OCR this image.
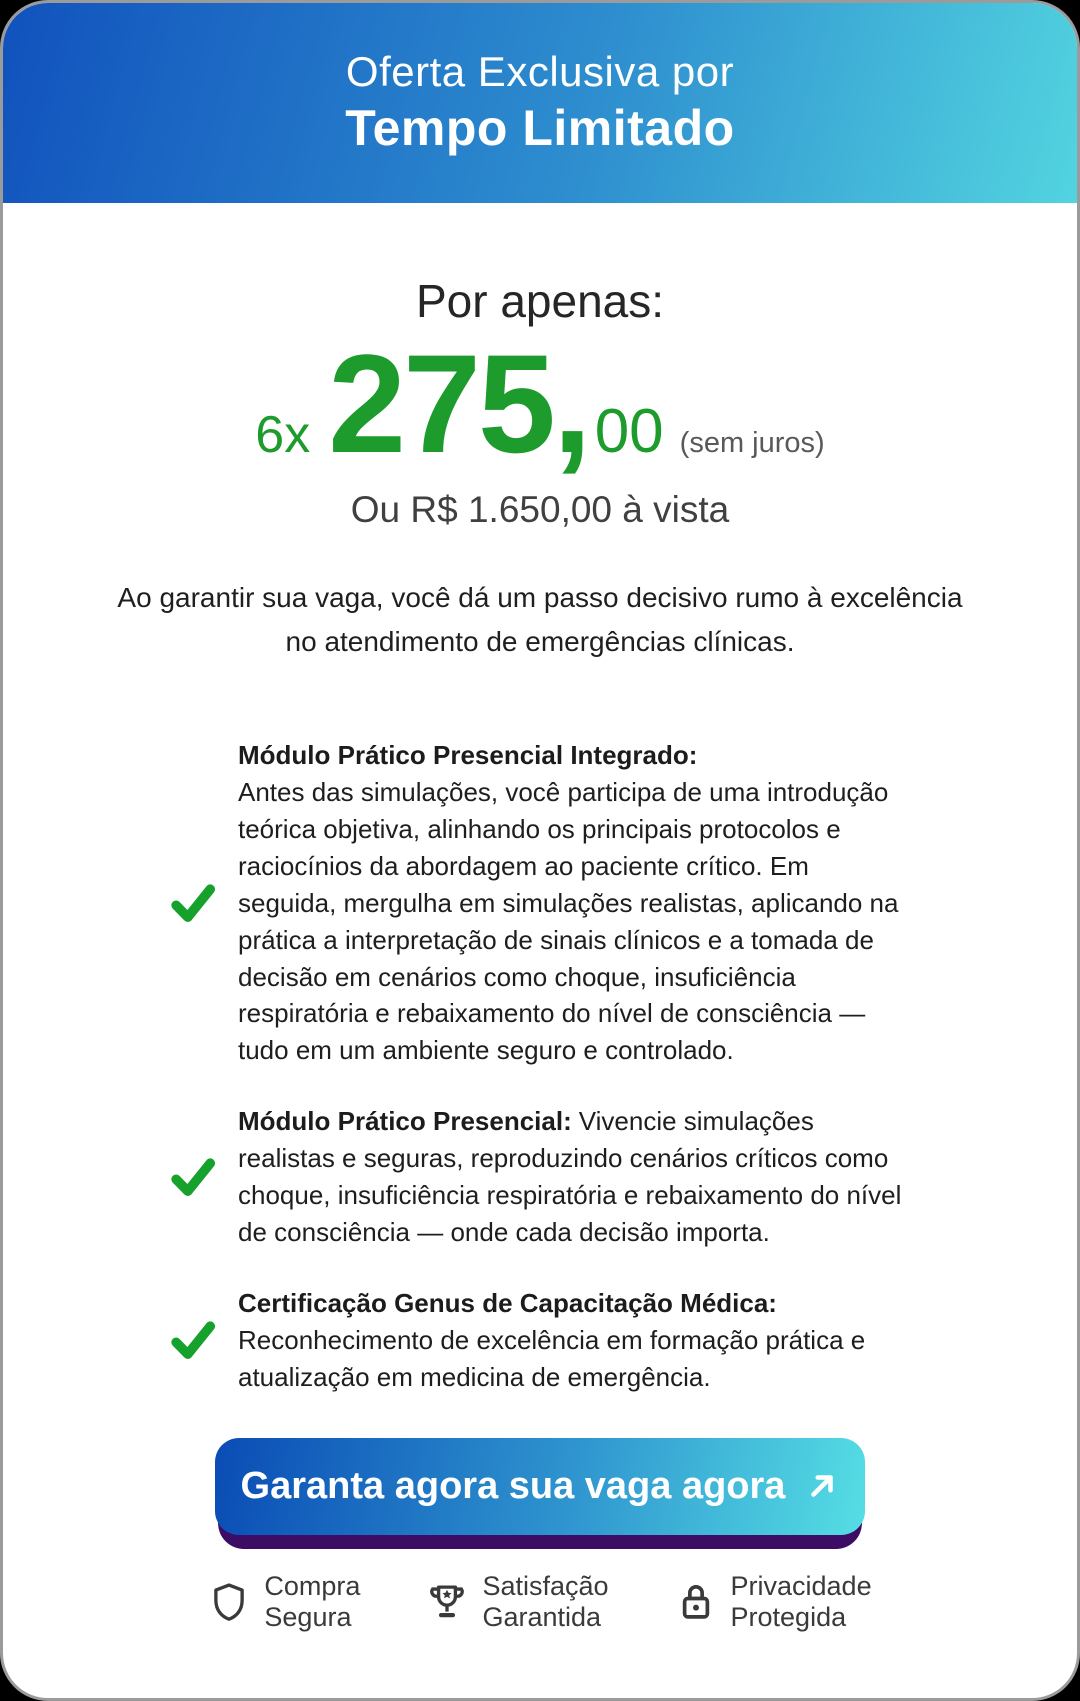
Oferta Exclusiva por
Tempo Limitado
Por apenas:
6x 275, 00 (sem juros)
Ou R$ 1.650,00 à vista

Ao garantir sua vaga, você dá um passo decisivo rumo à excelência no atendimento de emergências clínicas.

Módulo Prático Presencial Integrado:
Antes das simulações, você participa de uma introdução teórica objetiva, alinhando os principais protocolos e raciocínios da abordagem ao paciente crítico. Em seguida, mergulha em simulações realistas, aplicando na prática a interpretação de sinais clínicos e a tomada de decisão em cenários como choque, insuficiência respiratória e rebaixamento do nível de consciência — tudo em um ambiente seguro e controlado.
Módulo Prático Presencial: Vivencie simulações realistas e seguras, reproduzindo cenários críticos como choque, insuficiência respiratória e rebaixamento do nível de consciência — onde cada decisão importa.
Certificação Genus de Capacitação Médica:
Reconhecimento de excelência em formação prática e atualização em medicina de emergência.
Garanta agora sua vaga agora
Compra
Segura
Satisfação
Garantida
Privacidade
Protegida
